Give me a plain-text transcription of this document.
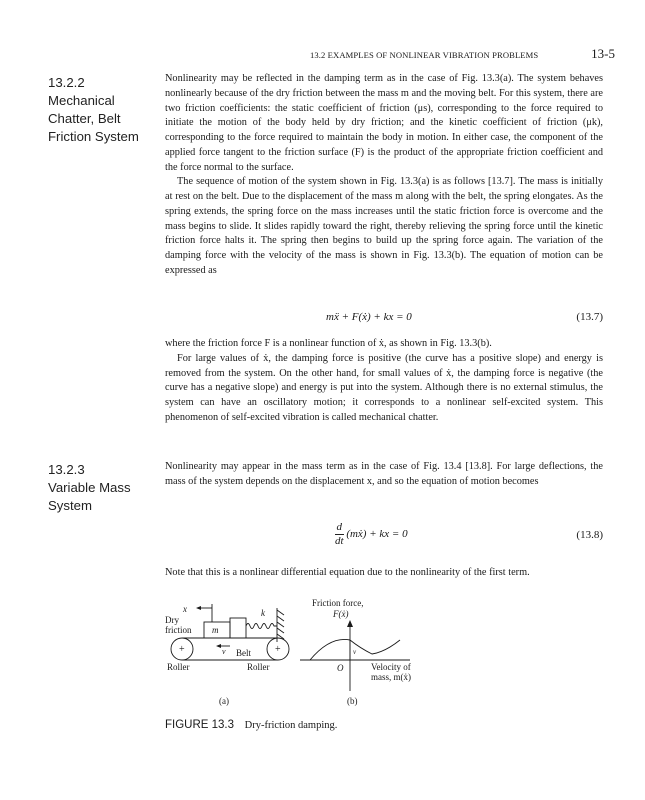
13.2 EXAMPLES OF NONLINEAR VIBRATION PROBLEMS	13-5
13.2.2
Mechanical
Chatter, Belt
Friction System

Nonlinearity may be reflected in the damping term as in the case of Fig. 13.3(a). The system behaves nonlinearly because of the dry friction between the mass m and the moving belt. For this system, there are two friction coefficients: the static coefficient of friction (μs), corresponding to the force required to initiate the motion of the body held by dry friction; and the kinetic coefficient of friction (μk), corresponding to the force required to maintain the body in motion. In either case, the component of the applied force tangent to the friction surface (F) is the product of the appropriate friction coefficient and the force normal to the surface.

The sequence of motion of the system shown in Fig. 13.3(a) is as follows [13.7]. The mass is initially at rest on the belt. Due to the displacement of the mass m along with the belt, the spring elongates. As the spring extends, the spring force on the mass increases until the static friction force is overcome and the mass begins to slide. It slides rapidly toward the right, thereby relieving the spring force until the kinetic friction force halts it. The spring then begins to build up the spring force again. The variation of the damping force with the velocity of the mass is shown in Fig. 13.3(b). The equation of motion can be expressed as

mẍ + F(ẋ) + kx = 0	(13.7)

where the friction force F is a nonlinear function of ẋ, as shown in Fig. 13.3(b).

For large values of ẋ, the damping force is positive (the curve has a positive slope) and energy is removed from the system. On the other hand, for small values of ẋ, the damping force is negative (the curve has a negative slope) and energy is put into the system. Although there is no external stimulus, the system can have an oscillatory motion; it corresponds to a nonlinear self-excited system. This phenomenon of self-excited vibration is called mechanical chatter.

13.2.3
Variable Mass
System

Nonlinearity may appear in the mass term as in the case of Fig. 13.4 [13.8]. For large deflections, the mass of the system depends on the displacement x, and so the equation of motion becomes

$\frac{d}{dt}$ (mẋ) + kx = 0	(13.8)

Note that this is a nonlinear differential equation due to the nonlinearity of the first term.

x	k
Dry
friction m
+	+
v Belt
Roller	Roller
(a)
Friction force,
F(ẋ)
O
v
Velocity of
mass, m(ẋ)
(b)
FIGURE 13.3 Dry-friction damping.
